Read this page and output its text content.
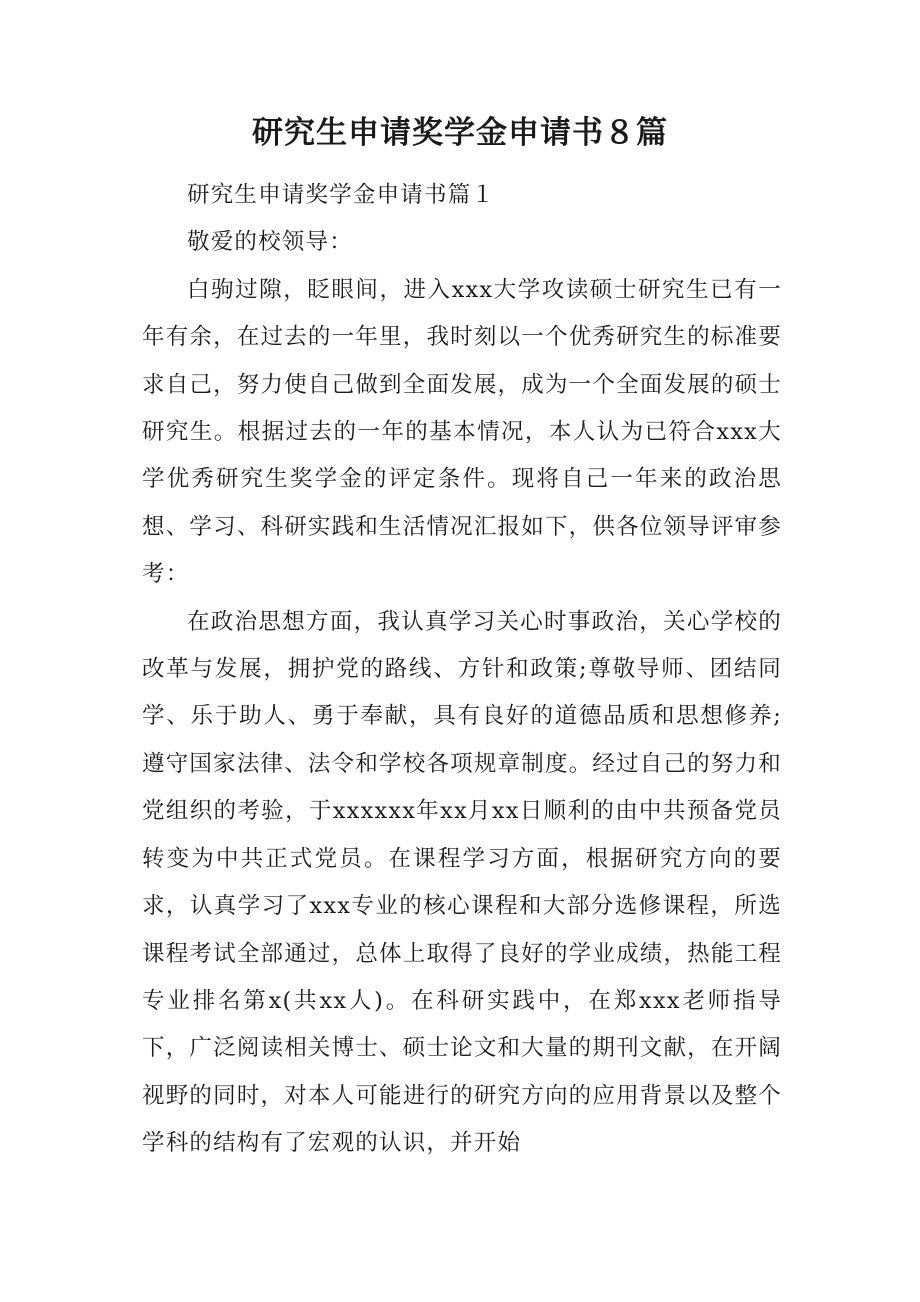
研究生申请奖学金申请书８篇

研究生申请奖学金申请书篇１

敬爱的校领导：

白驹过隙，眨眼间，进入xxx大学攻读硕士研究生已有一年有余，在过去的一年里，我时刻以一个优秀研究生的标准要求自己，努力使自己做到全面发展，成为一个全面发展的硕士研究生。根据过去的一年的基本情况，本人认为已符合xxx大学优秀研究生奖学金的评定条件。现将自己一年来的政治思想、学习、科研实践和生活情况汇报如下，供各位领导评审参考：

在政治思想方面，我认真学习关心时事政治，关心学校的改革与发展，拥护党的路线、方针和政策;尊敬导师、团结同学、乐于助人、勇于奉献，具有良好的道德品质和思想修养;遵守国家法律、法令和学校各项规章制度。经过自己的努力和党组织的考验，于xxxxxx年xx月xx日顺利的由中共预备党员转变为中共正式党员。在课程学习方面，根据研究方向的要求，认真学习了xxx专业的核心课程和大部分选修课程，所选课程考试全部通过，总体上取得了良好的学业成绩，热能工程专业排名第x(共xx人)。在科研实践中，在郑xxx老师指导下，广泛阅读相关博士、硕士论文和大量的期刊文献，在开阔视野的同时，对本人可能进行的研究方向的应用背景以及整个学科的结构有了宏观的认识，并开始
